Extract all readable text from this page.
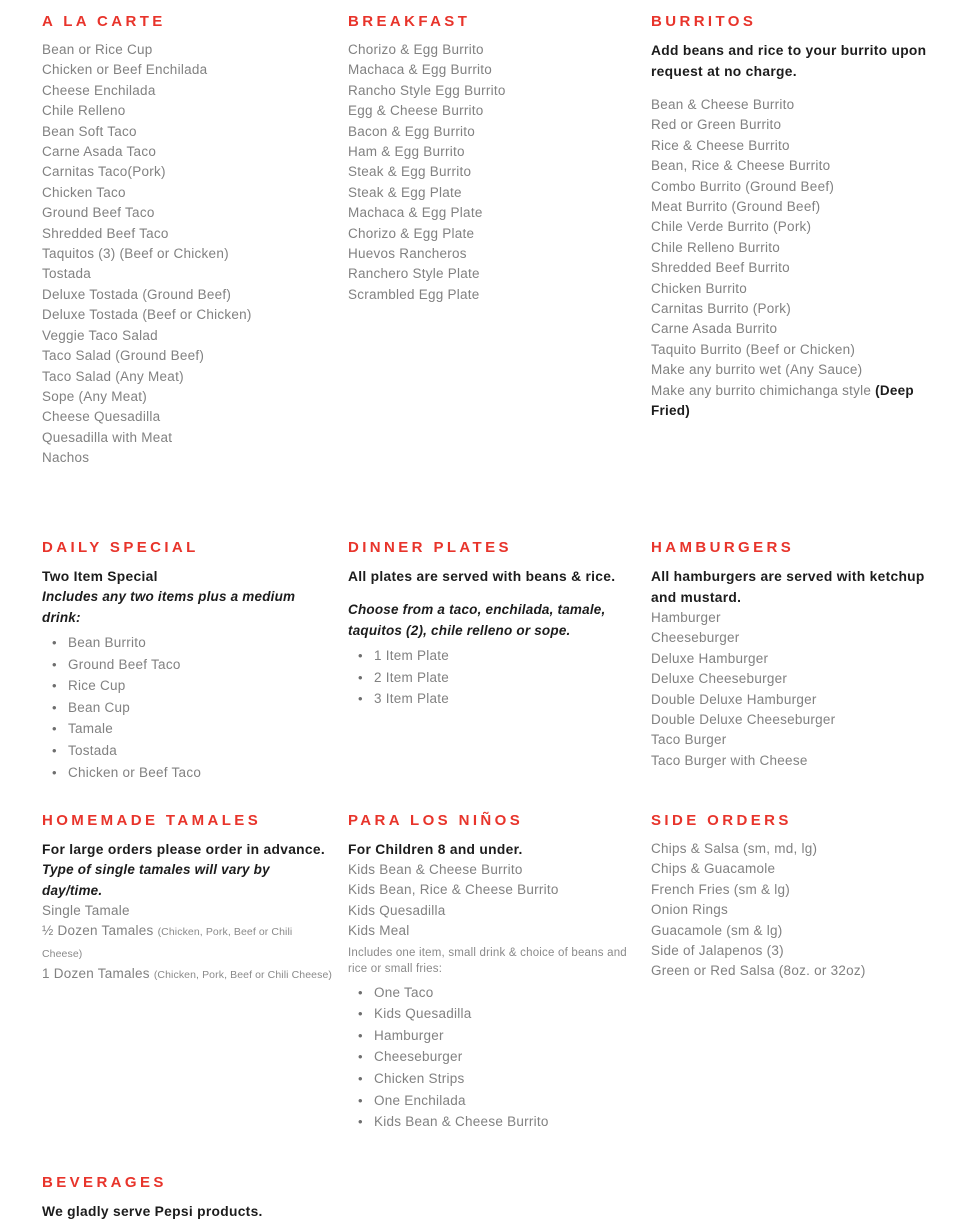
A LA CARTE
Bean or Rice Cup
Chicken or Beef Enchilada
Cheese Enchilada
Chile Relleno
Bean Soft Taco
Carne Asada Taco
Carnitas Taco(Pork)
Chicken Taco
Ground Beef Taco
Shredded Beef Taco
Taquitos (3) (Beef or Chicken)
Tostada
Deluxe Tostada (Ground Beef)
Deluxe Tostada (Beef or Chicken)
Veggie Taco Salad
Taco Salad (Ground Beef)
Taco Salad (Any Meat)
Sope (Any Meat)
Cheese Quesadilla
Quesadilla with Meat
Nachos
BREAKFAST
Chorizo & Egg Burrito
Machaca & Egg Burrito
Rancho Style Egg Burrito
Egg & Cheese Burrito
Bacon & Egg Burrito
Ham & Egg Burrito
Steak & Egg Burrito
Steak & Egg Plate
Machaca & Egg Plate
Chorizo & Egg Plate
Huevos Rancheros
Ranchero Style Plate
Scrambled Egg Plate
BURRITOS

Add beans and rice to your burrito upon request at no charge.

Bean & Cheese Burrito
Red or Green Burrito
Rice & Cheese Burrito
Bean, Rice & Cheese Burrito
Combo Burrito (Ground Beef)
Meat Burrito (Ground Beef)
Chile Verde Burrito (Pork)
Chile Relleno Burrito
Shredded Beef Burrito
Chicken Burrito
Carnitas Burrito (Pork)
Carne Asada Burrito
Taquito Burrito (Beef or Chicken)
Make any burrito wet (Any Sauce)
Make any burrito chimichanga style (Deep Fried)
DAILY SPECIAL

Two Item Special

Includes any two items plus a medium drink:

• Bean Burrito
• Ground Beef Taco
• Rice Cup
• Bean Cup
• Tamale
• Tostada
• Chicken or Beef Taco
DINNER PLATES

All plates are served with beans & rice.

Choose from a taco, enchilada, tamale, taquitos (2), chile relleno or sope.

• 1 Item Plate
• 2 Item Plate
• 3 Item Plate
HAMBURGERS

All hamburgers are served with ketchup and mustard.

Hamburger
Cheeseburger
Deluxe Hamburger
Deluxe Cheeseburger
Double Deluxe Hamburger
Double Deluxe Cheeseburger
Taco Burger
Taco Burger with Cheese
HOMEMADE TAMALES

For large orders please order in advance.

Type of single tamales will vary by day/time.

Single Tamale
½ Dozen Tamales (Chicken, Pork, Beef or Chili Cheese)
1 Dozen Tamales (Chicken, Pork, Beef or Chili Cheese)
PARA LOS NIÑOS

For Children 8 and under.

Kids Bean & Cheese Burrito
Kids Bean, Rice & Cheese Burrito
Kids Quesadilla
Kids Meal

Includes one item, small drink & choice of beans and rice or small fries:

• One Taco
• Kids Quesadilla
• Hamburger
• Cheeseburger
• Chicken Strips
• One Enchilada
• Kids Bean & Cheese Burrito
SIDE ORDERS
Chips & Salsa (sm, md, lg)
Chips & Guacamole
French Fries (sm & lg)
Onion Rings
Guacamole (sm & lg)
Side of Jalapenos (3)
Green or Red Salsa (8oz. or 32oz)
BEVERAGES

We gladly serve Pepsi products.
